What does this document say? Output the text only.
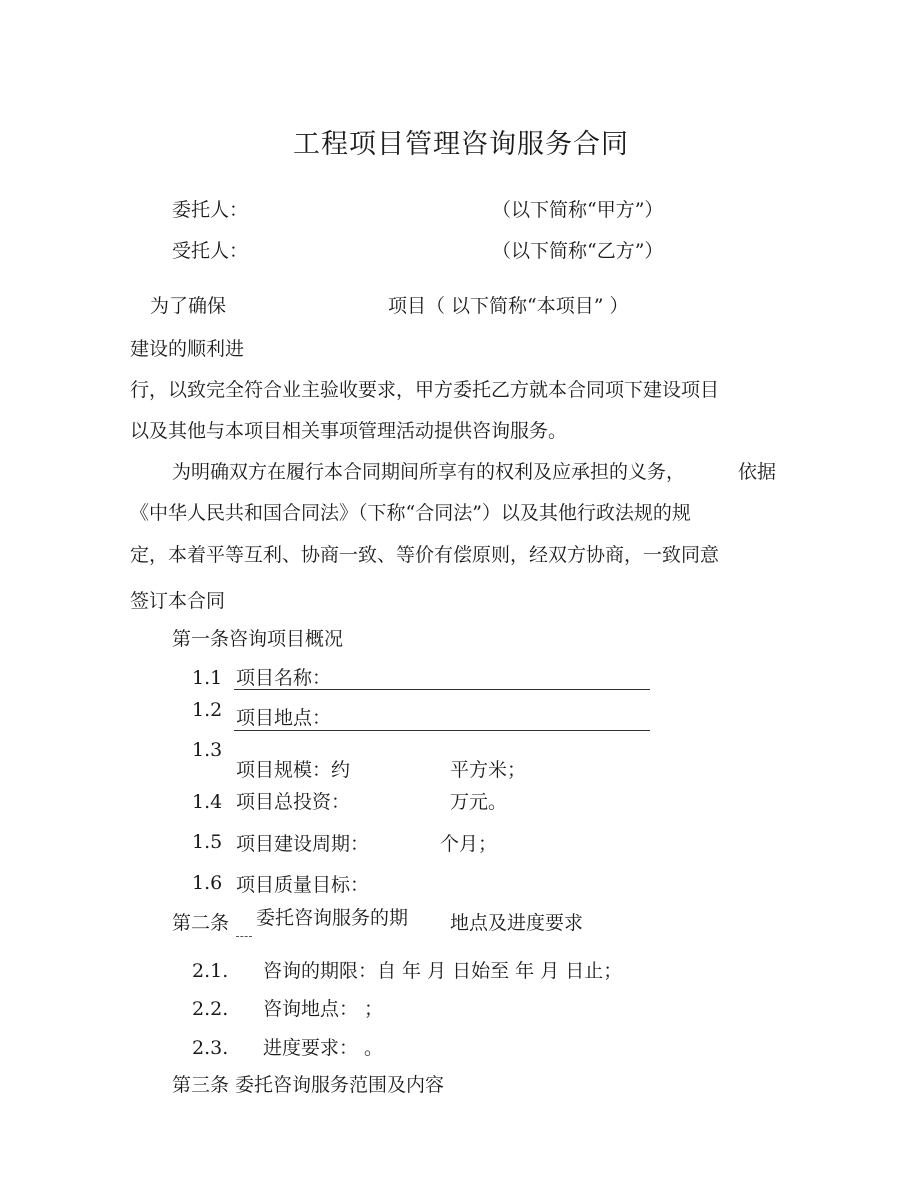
工程项目管理咨询服务合同
委托人：	（以下简称“甲方”）
受托人：	（以下简称“乙方”）
为了确保	项目（ 以下简称“本项目” ）
建设的顺利进
行，以致完全符合业主验收要求，甲方委托乙方就本合同项下建设项目
以及其他与本项目相关事项管理活动提供咨询服务。
为明确双方在履行本合同期间所享有的权利及应承担的义务，	依据
《中华人民共和国合同法》（下称“合同法”）以及其他行政法规的规
定，本着平等互利、协商一致、等价有偿原则，经双方协商，一致同意
签订本合同
第一条咨询项目概况
1.1 项目名称：
1.2 项目地点：
1.3
项目规模：约	平方米；
1.4 项目总投资：	万元。
1.5 项目建设周期：	个月；
1.6 项目质量目标：
第二条 委托咨询服务的期 地点及进度要求
2.1. 咨询的期限：自 年 月 日始至 年 月 日止；
2.2. 咨询地点： ；
2.3. 进度要求： 。
第三条 委托咨询服务范围及内容
